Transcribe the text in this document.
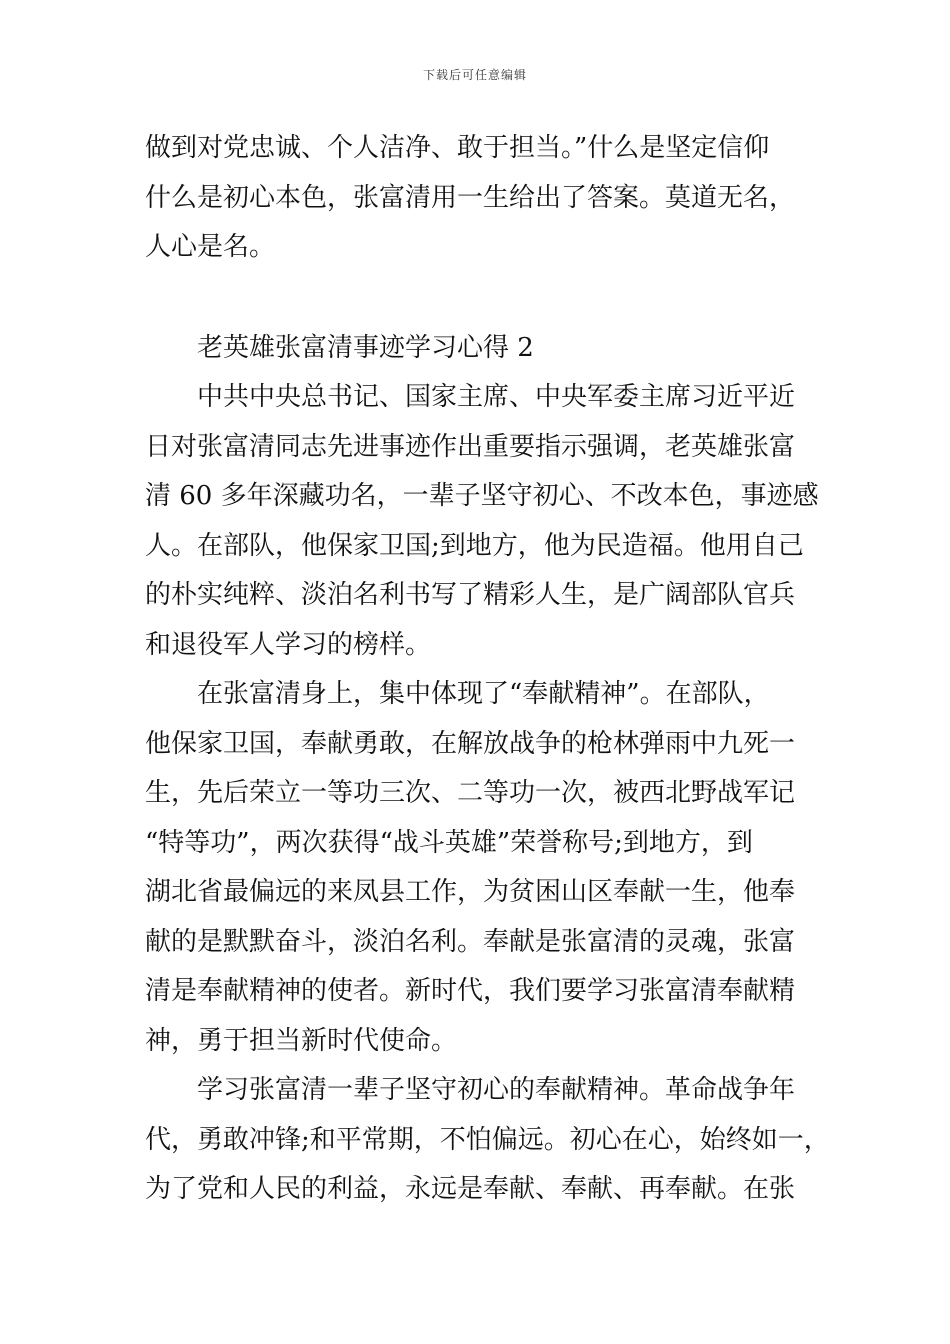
下载后可任意编辑
做到对党忠诚、个人洁净、敢于担当。”什么是坚定信仰
什么是初心本色，张富清用一生给出了答案。莫道无名，
人心是名。
老英雄张富清事迹学习心得 2
中共中央总书记、国家主席、中央军委主席习近平近
日对张富清同志先进事迹作出重要指示强调，老英雄张富
清 60 多年深藏功名，一辈子坚守初心、不改本色，事迹感
人。在部队，他保家卫国;到地方，他为民造福。他用自己
的朴实纯粹、淡泊名利书写了精彩人生，是广阔部队官兵
和退役军人学习的榜样。
在张富清身上，集中体现了“奉献精神”。在部队，
他保家卫国，奉献勇敢，在解放战争的枪林弹雨中九死一
生，先后荣立一等功三次、二等功一次，被西北野战军记
“特等功”，两次获得“战斗英雄”荣誉称号;到地方，到
湖北省最偏远的来凤县工作，为贫困山区奉献一生，他奉
献的是默默奋斗，淡泊名利。奉献是张富清的灵魂，张富
清是奉献精神的使者。新时代，我们要学习张富清奉献精
神，勇于担当新时代使命。
学习张富清一辈子坚守初心的奉献精神。革命战争年
代，勇敢冲锋;和平常期，不怕偏远。初心在心，始终如一，
为了党和人民的利益，永远是奉献、奉献、再奉献。在张
